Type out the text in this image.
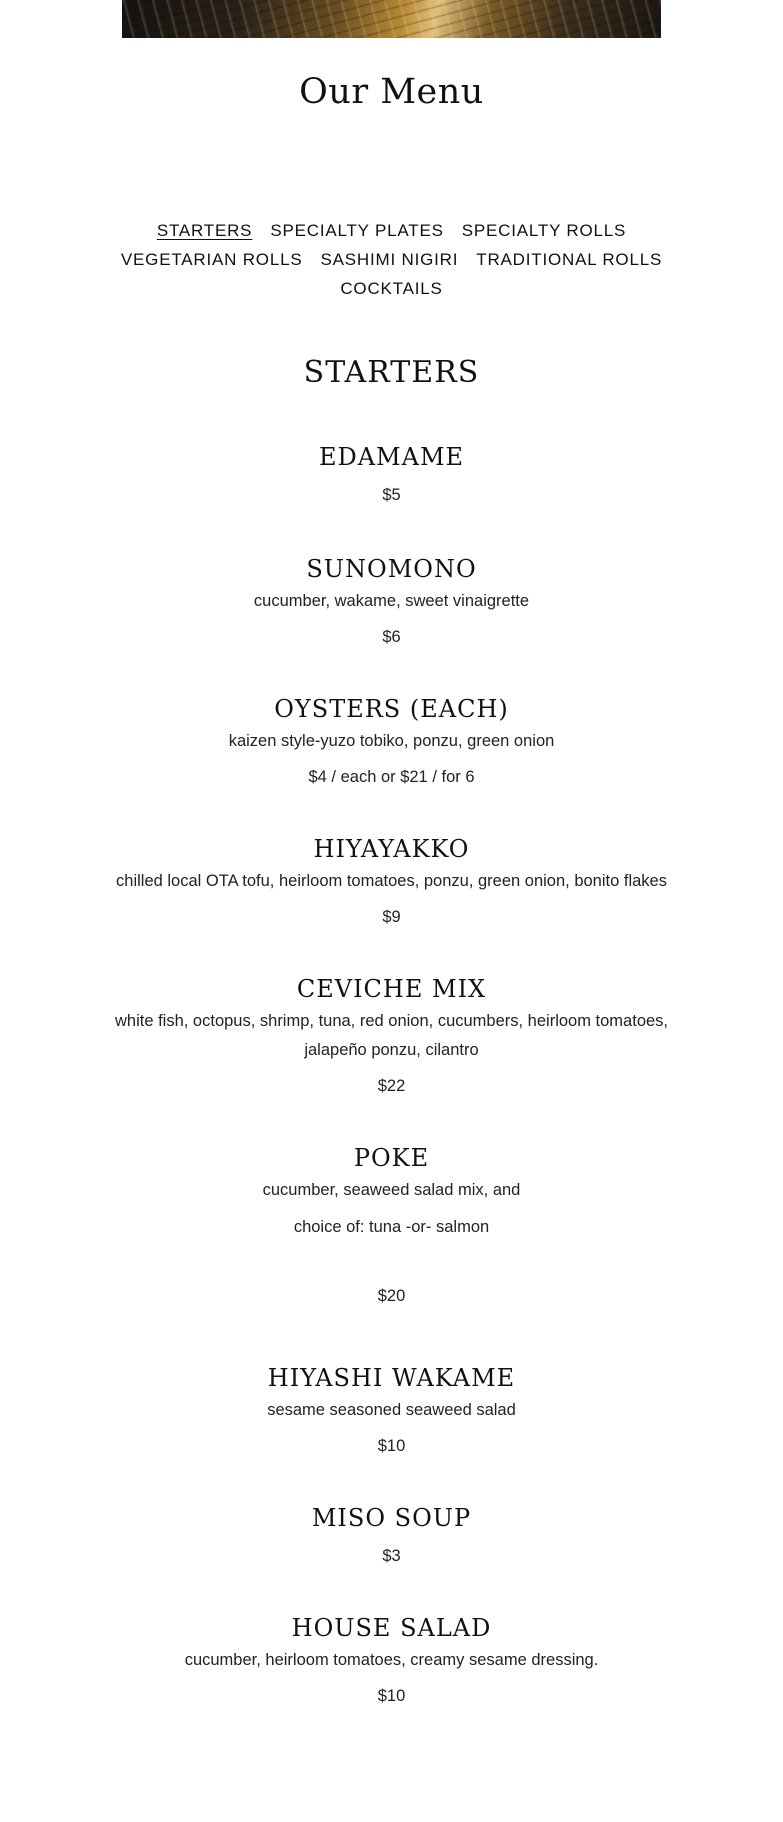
Our Menu
STARTERS SPECIALTY PLATES SPECIALTY ROLLS
VEGETARIAN ROLLS SASHIMI NIGIRI TRADITIONAL ROLLS
COCKTAILS
STARTERS
EDAMAME
$5
SUNOMONO
cucumber, wakame, sweet vinaigrette
$6
OYSTERS (EACH)
kaizen style-yuzo tobiko, ponzu, green onion
$4 / each or $21 / for 6
HIYAYAKKO
chilled local OTA tofu, heirloom tomatoes, ponzu, green onion, bonito flakes
$9
CEVICHE MIX
white fish, octopus, shrimp, tuna, red onion, cucumbers, heirloom tomatoes,
jalapeño ponzu, cilantro
$22
POKE
cucumber, seaweed salad mix, and
choice of: tuna -or- salmon
$20
HIYASHI WAKAME
sesame seasoned seaweed salad
$10
MISO SOUP
$3
HOUSE SALAD
cucumber, heirloom tomatoes, creamy sesame dressing.
$10
